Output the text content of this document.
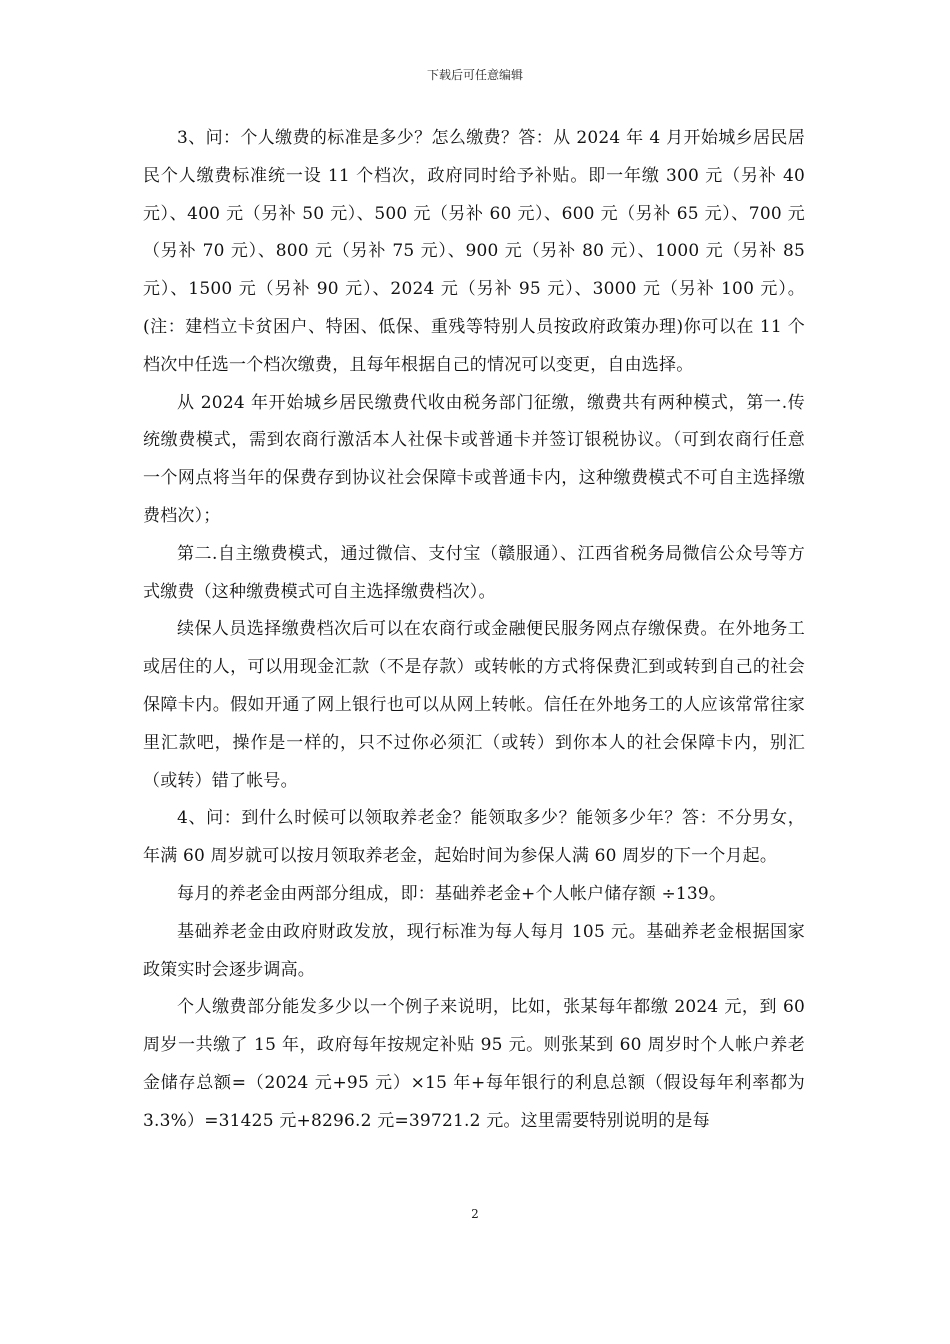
下载后可任意编辑

3、问：个人缴费的标准是多少？怎么缴费？答：从 2024 年 4 月开始城乡居民居民个人缴费标准统一设 11 个档次，政府同时给予补贴。即一年缴 300 元（另补 40 元）、400 元（另补 50 元）、500 元（另补 60 元）、600 元（另补 65 元）、700 元（另补 70 元）、800 元（另补 75 元）、900 元（另补 80 元）、1000 元（另补 85 元）、1500 元（另补 90 元）、2024 元（另补 95 元）、3000 元（另补 100 元）。(注：建档立卡贫困户、特困、低保、重残等特别人员按政府政策办理)你可以在 11 个档次中任选一个档次缴费，且每年根据自己的情况可以变更，自由选择。

从 2024 年开始城乡居民缴费代收由税务部门征缴，缴费共有两种模式，第一.传统缴费模式，需到农商行激活本人社保卡或普通卡并签订银税协议。（可到农商行任意一个网点将当年的保费存到协议社会保障卡或普通卡内，这种缴费模式不可自主选择缴费档次）；

第二.自主缴费模式，通过微信、支付宝（赣服通）、江西省税务局微信公众号等方式缴费（这种缴费模式可自主选择缴费档次）。

续保人员选择缴费档次后可以在农商行或金融便民服务网点存缴保费。在外地务工或居住的人，可以用现金汇款（不是存款）或转帐的方式将保费汇到或转到自己的社会保障卡内。假如开通了网上银行也可以从网上转帐。信任在外地务工的人应该常常往家里汇款吧，操作是一样的，只不过你必须汇（或转）到你本人的社会保障卡内，别汇（或转）错了帐号。

4、问：到什么时候可以领取养老金？能领取多少？能领多少年？答：不分男女，年满 60 周岁就可以按月领取养老金，起始时间为参保人满 60 周岁的下一个月起。

每月的养老金由两部分组成，即：基础养老金+个人帐户储存额 ÷139。

基础养老金由政府财政发放，现行标准为每人每月 105 元。基础养老金根据国家政策实时会逐步调高。

个人缴费部分能发多少以一个例子来说明，比如，张某每年都缴 2024 元，到 60 周岁一共缴了 15 年，政府每年按规定补贴 95 元。则张某到 60 周岁时个人帐户养老金储存总额=（2024 元+95 元）×15 年+每年银行的利息总额（假设每年利率都为 3.3%）=31425 元+8296.2 元=39721.2 元。这里需要特别说明的是每

2
